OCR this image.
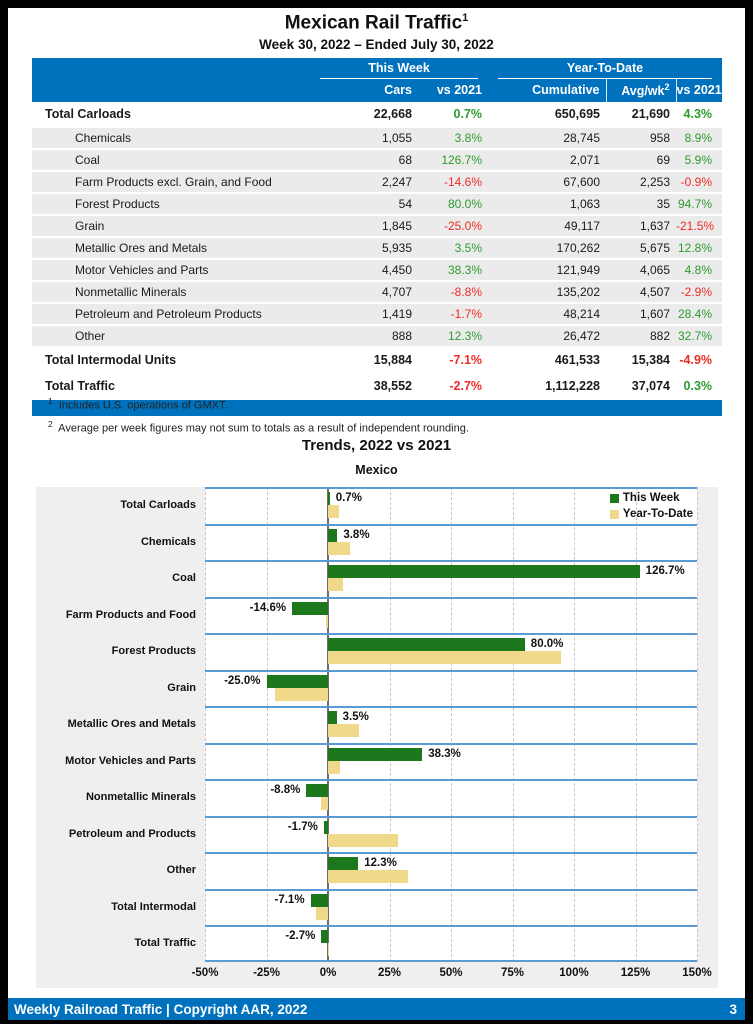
Mexican Rail Traffic$^1$
Week 30, 2022 – Ended July 30, 2022

	This Week		Year-To-Date		

	Cars	vs 2021	Cumulative	Avg/$wk^2$	vs 2021
Total Carloads	22,668	0.7%	650,695	21,690	4.3%
Chemicals	1,055	3.8%	28,745	958	8.9%
Coal	68	126.7%	2,071	69	5.9%
Farm Products excl. Grain, and Food	2,247	-14.6%	67,600	2,253	-0.9%
Forest Products	54	80.0%	1,063	35	94.7%
Grain	1,845	-25.0%	49,117	1,637	-21.5%
Metallic Ores and Metals	5,935	3.5%	170,262	5,675	12.8%
Motor Vehicles and Parts	4,450	38.3%	121,949	4,065	4.8%
Nonmetallic Minerals	4,707	-8.8%	135,202	4,507	-2.9%
Petroleum and Petroleum Products	1,419	-1.7%	48,214	1,607	28.4%
Other	888	12.3%	26,472	882	32.7%
Total Intermodal Units	15,884	-7.1%	461,533	15,384	-4.9%
Total Traffic	38,552	-2.7%	1,112,228	37,074	0.3%
$^1$ Includes U.S. operations of GMXT.
$^2$ Average per week figures may not sum to totals as a result of independent rounding.
Trends, 2022 vs 2021
Mexico
Total Carloads
Chemicals
Coal
Farm Products and Food
Forest Products
Grain
Metallic Ores and Metals
Motor Vehicles and Parts
Nonmetallic Minerals
Petroleum and Products
Other
Total Intermodal
Total Traffic
This Week
Year-To-Date
0.7%
3.8%
126.7%
-14.6%
80.0%
-25.0%
3.5%
38.3%
-8.8%
-1.7%
12.3%
-7.1%
-2.7%
-50%	-25%	0%	25%	50%	75%	100%	125%	150%
Weekly Railroad Traffic | Copyright AAR, 2022	3
